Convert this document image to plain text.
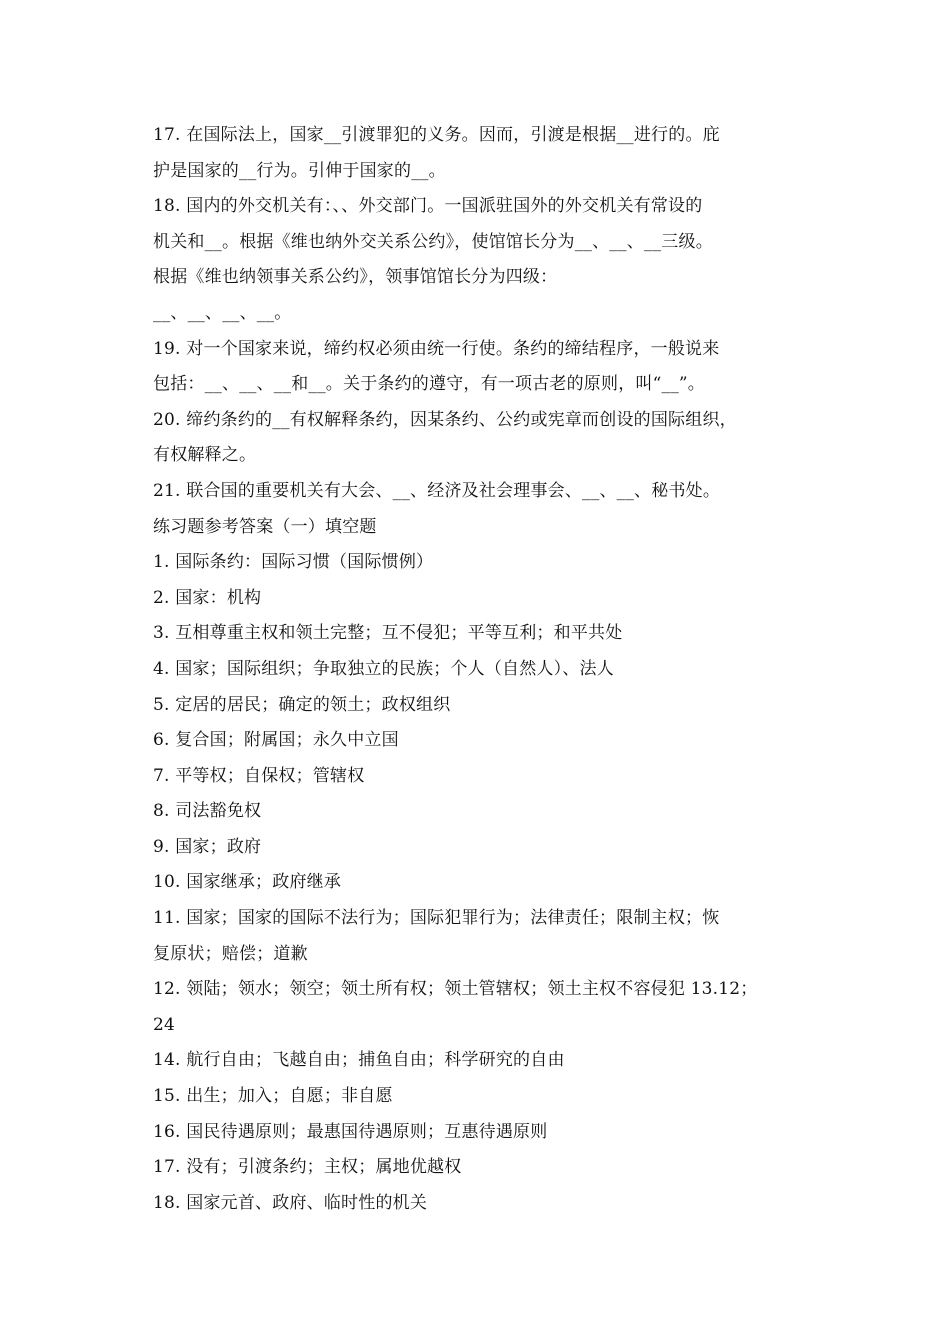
17. 在国际法上，国家__引渡罪犯的义务。因而，引渡是根据__进行的。庇
护是国家的__行为。引伸于国家的__。
18. 国内的外交机关有：、、外交部门。一国派驻国外的外交机关有常设的
机关和__。根据《维也纳外交关系公约》，使馆馆长分为__、__、__三级。
根据《维也纳领事关系公约》，领事馆馆长分为四级：
__、__、__、__。
19. 对一个国家来说，缔约权必须由统一行使。条约的缔结程序，一般说来
包括：__、__、__和__。关于条约的遵守，有一项古老的原则，叫“__”。
20. 缔约条约的__有权解释条约，因某条约、公约或宪章而创设的国际组织，
有权解释之。
21. 联合国的重要机关有大会、__、经济及社会理事会、__、__、秘书处。
练习题参考答案（一）填空题
1. 国际条约：国际习惯（国际惯例）
2. 国家：机构
3. 互相尊重主权和领土完整；互不侵犯；平等互利；和平共处
4. 国家；国际组织；争取独立的民族；个人（自然人）、法人
5. 定居的居民；确定的领土；政权组织
6. 复合国；附属国；永久中立国
7. 平等权；自保权；管辖权
8. 司法豁免权
9. 国家；政府
10. 国家继承；政府继承
11. 国家；国家的国际不法行为；国际犯罪行为；法律责任；限制主权；恢
复原状；赔偿；道歉
12. 领陆；领水；领空；领土所有权；领土管辖权；领土主权不容侵犯 13.12；
24
14. 航行自由；飞越自由；捕鱼自由；科学研究的自由
15. 出生；加入；自愿；非自愿
16. 国民待遇原则；最惠国待遇原则；互惠待遇原则
17. 没有；引渡条约；主权；属地优越权
18. 国家元首、政府、临时性的机关
